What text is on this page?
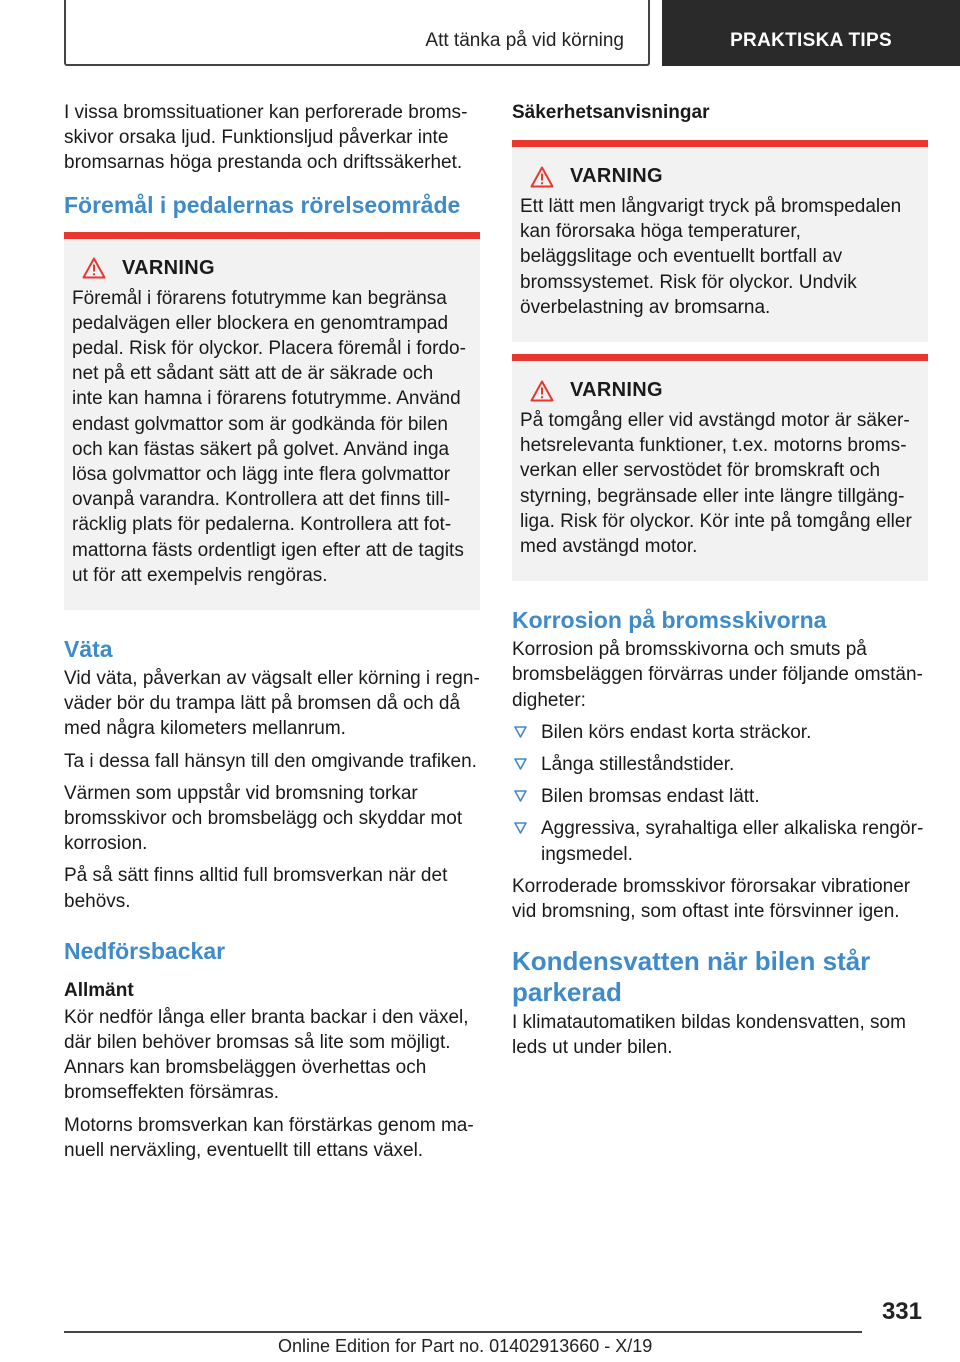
Att tänka på vid körning	PRAKTISKA TIPS

I vissa bromssituationer kan perforerade bromsskivor orsaka ljud. Funktionsljud påverkar inte bromsarnas höga prestanda och driftssäkerhet.

Föremål i pedalernas rörelseområde
VARNING
Föremål i förarens fotutrymme kan begränsa pedalvägen eller blockera en genomtrampad pedal. Risk för olyckor. Placera föremål i fordonet på ett sådant sätt att de är säkrade och inte kan hamna i förarens fotutrymme. Använd endast golvmattor som är godkända för bilen och kan fästas säkert på golvet. Använd inga lösa golvmattor och lägg inte flera golvmattor ovanpå varandra. Kontrollera att det finns tillräcklig plats för pedalerna. Kontrollera att fotmattorna fästs ordentligt igen efter att de tagits ut för att exempelvis rengöras.
Väta

Vid väta, påverkan av vägsalt eller körning i regnväder bör du trampa lätt på bromsen då och då med några kilometers mellanrum.

Ta i dessa fall hänsyn till den omgivande trafiken.

Värmen som uppstår vid bromsning torkar bromsskivor och bromsbelägg och skyddar mot korrosion.

På så sätt finns alltid full bromsverkan när det behövs.

Nedförsbackar
Allmänt

Kör nedför långa eller branta backar i den växel, där bilen behöver bromsas så lite som möjligt. Annars kan bromsbeläggen överhettas och bromseffekten försämras.

Motorns bromsverkan kan förstärkas genom manuell nerväxling, eventuellt till ettans växel.

Säkerhetsanvisningar
VARNING
Ett lätt men långvarigt tryck på bromspedalen kan förorsaka höga temperaturer, beläggslitage och eventuellt bortfall av bromssystemet. Risk för olyckor. Undvik överbelastning av bromsarna.
VARNING
På tomgång eller vid avstängd motor är säkerhetsrelevanta funktioner, t.ex. motorns bromsverkan eller servostödet för bromskraft och styrning, begränsade eller inte längre tillgängliga. Risk för olyckor. Kör inte på tomgång eller med avstängd motor.
Korrosion på bromsskivorna

Korrosion på bromsskivorna och smuts på bromsbeläggen förvärras under följande omständigheter:

Bilen körs endast korta sträckor.
Långa stilleståndstider.
Bilen bromsas endast lätt.
Aggressiva, syrahaltiga eller alkaliska rengöringsmedel.

Korroderade bromsskivor förorsakar vibrationer vid bromsning, som oftast inte försvinner igen.

Kondensvatten när bilen står parkerad

I klimatautomatiken bildas kondensvatten, som leds ut under bilen.

331
Online Edition for Part no. 01402913660 - X/19
